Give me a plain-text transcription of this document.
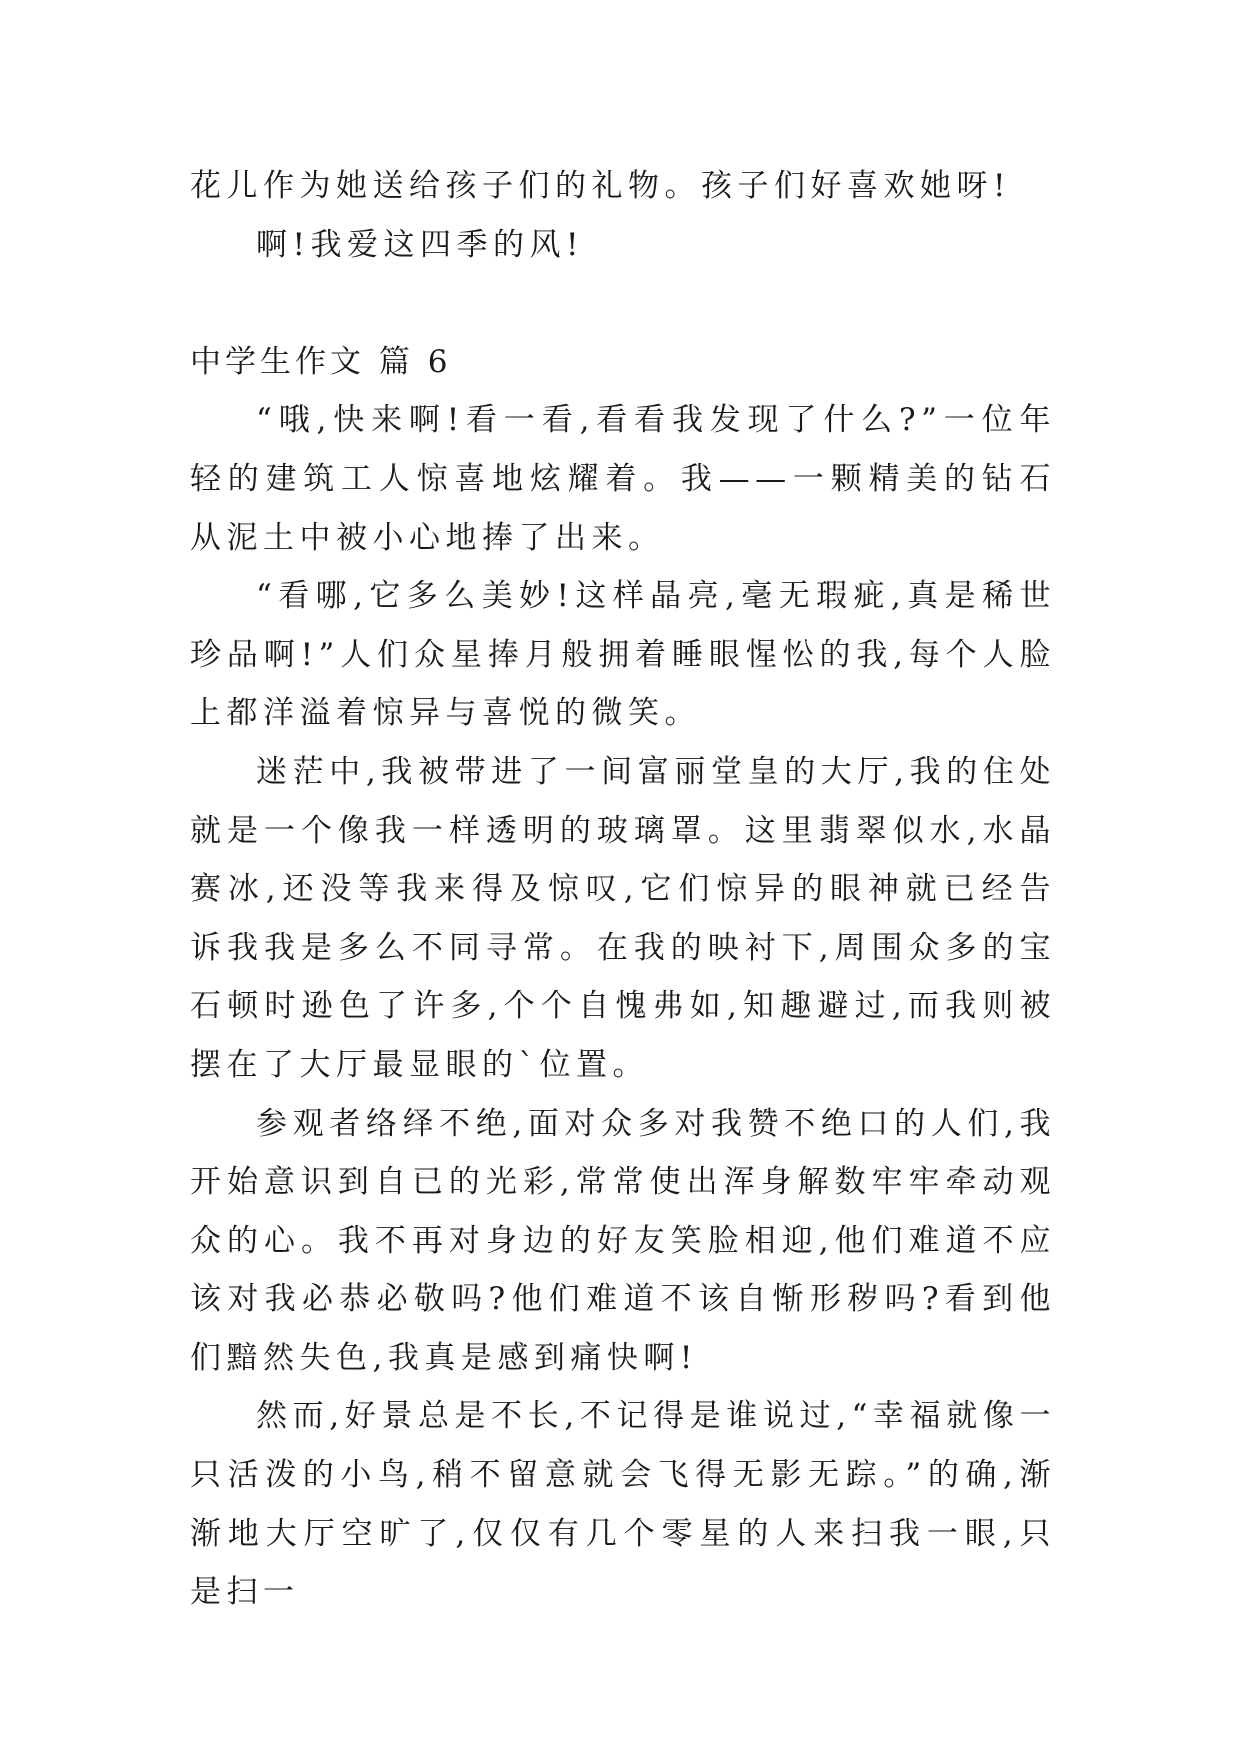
花儿作为她送给孩子们的礼物。孩子们好喜欢她呀!

啊!我爱这四季的风!

中学生作文 篇 6

“哦,快来啊!看一看,看看我发现了什么?”一位年轻的建筑工人惊喜地炫耀着。我——一颗精美的钻石从泥土中被小心地捧了出来。

“看哪,它多么美妙!这样晶亮,毫无瑕疵,真是稀世珍品啊!”人们众星捧月般拥着睡眼惺忪的我,每个人脸上都洋溢着惊异与喜悦的微笑。

迷茫中,我被带进了一间富丽堂皇的大厅,我的住处就是一个像我一样透明的玻璃罩。这里翡翠似水,水晶赛冰,还没等我来得及惊叹,它们惊异的眼神就已经告诉我我是多么不同寻常。在我的映衬下,周围众多的宝石顿时逊色了许多,个个自愧弗如,知趣避过,而我则被摆在了大厅最显眼的`位置。

参观者络绎不绝,面对众多对我赞不绝口的人们,我开始意识到自已的光彩,常常使出浑身解数牢牢牵动观众的心。我不再对身边的好友笑脸相迎,他们难道不应该对我必恭必敬吗?他们难道不该自惭形秽吗?看到他们黯然失色,我真是感到痛快啊!

然而,好景总是不长,不记得是谁说过,“幸福就像一只活泼的小鸟,稍不留意就会飞得无影无踪。”的确,渐渐地大厅空旷了,仅仅有几个零星的人来扫我一眼,只是扫一
